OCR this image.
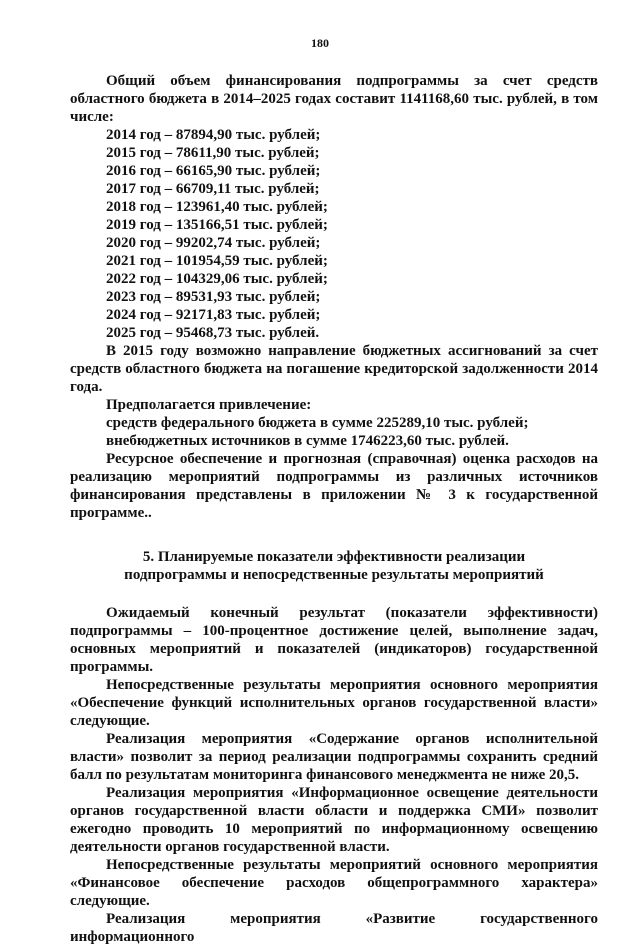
180

Общий объем финансирования подпрограммы за счет средств областного бюджета в 2014–2025 годах составит 1141168,60 тыс. рублей, в том числе:

2014 год – 87894,90 тыс. рублей;
2015 год – 78611,90 тыс. рублей;
2016 год – 66165,90 тыс. рублей;
2017 год – 66709,11 тыс. рублей;
2018 год – 123961,40 тыс. рублей;
2019 год – 135166,51 тыс. рублей;
2020 год – 99202,74 тыс. рублей;
2021 год – 101954,59 тыс. рублей;
2022 год – 104329,06 тыс. рублей;
2023 год – 89531,93 тыс. рублей;
2024 год – 92171,83 тыс. рублей;
2025 год – 95468,73 тыс. рублей.

В 2015 году возможно направление бюджетных ассигнований за счет средств областного бюджета на погашение кредиторской задолженности 2014 года.

Предполагается привлечение:
средств федерального бюджета в сумме 225289,10 тыс. рублей;
внебюджетных источников в сумме 1746223,60 тыс. рублей.

Ресурсное обеспечение и прогнозная (справочная) оценка расходов на реализацию мероприятий подпрограммы из различных источников финансирования представлены в приложении № 3 к государственной программе..

5. Планируемые показатели эффективности реализации
подпрограммы и непосредственные результаты мероприятий

Ожидаемый конечный результат (показатели эффективности) подпрограммы – 100-процентное достижение целей, выполнение задач, основных мероприятий и показателей (индикаторов) государственной программы.

Непосредственные результаты мероприятия основного мероприятия «Обеспечение функций исполнительных органов государственной власти» следующие.

Реализация мероприятия «Содержание органов исполнительной власти» позволит за период реализации подпрограммы сохранить средний балл по результатам мониторинга финансового менеджмента не ниже 20,5.

Реализация мероприятия «Информационное освещение деятельности органов государственной власти области и поддержка СМИ» позволит ежегодно проводить 10 мероприятий по информационному освещению деятельности органов государственной власти.

Непосредственные результаты мероприятий основного мероприятия «Финансовое обеспечение расходов общепрограммного характера» следующие.

Реализация мероприятия «Развитие государственного информационного
